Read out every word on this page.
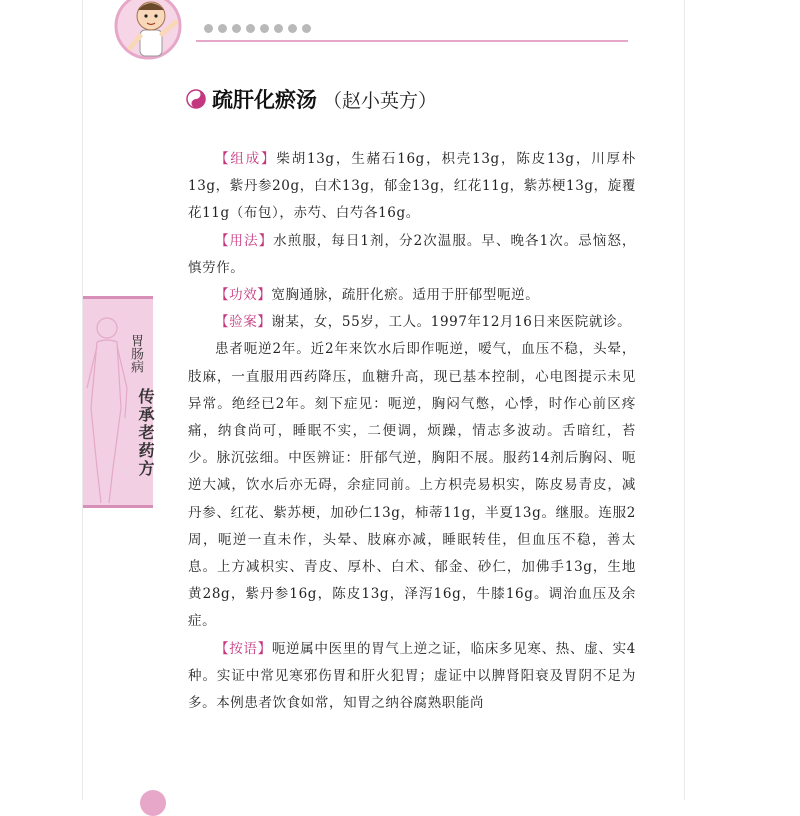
疏肝化瘀汤 （赵小英方）
胃肠病
传承老药方

【组成】柴胡13g，生赭石16g，枳壳13g，陈皮13g，川厚朴13g，紫丹参20g，白术13g，郁金13g，红花11g，紫苏梗13g，旋覆花11g（布包），赤芍、白芍各16g。

【用法】水煎服，每日1剂，分2次温服。早、晚各1次。忌恼怒，慎劳作。

【功效】宽胸通脉，疏肝化瘀。适用于肝郁型呃逆。

【验案】谢某，女，55岁，工人。1997年12月16日来医院就诊。

患者呃逆2年。近2年来饮水后即作呃逆，嗳气，血压不稳，头晕，肢麻，一直服用西药降压，血糖升高，现已基本控制，心电图提示未见异常。绝经已2年。刻下症见：呃逆，胸闷气憋，心悸，时作心前区疼痛，纳食尚可，睡眠不实，二便调，烦躁，情志多波动。舌暗红，苔少。脉沉弦细。中医辨证：肝郁气逆，胸阳不展。服药14剂后胸闷、呃逆大减，饮水后亦无碍，余症同前。上方枳壳易枳实，陈皮易青皮，减丹参、红花、紫苏梗，加砂仁13g，柿蒂11g，半夏13g。继服。连服2周，呃逆一直未作，头晕、肢麻亦减，睡眠转佳，但血压不稳，善太息。上方减枳实、青皮、厚朴、白术、郁金、砂仁，加佛手13g，生地黄28g，紫丹参16g，陈皮13g，泽泻16g，牛膝16g。调治血压及余症。

【按语】呃逆属中医里的胃气上逆之证，临床多见寒、热、虚、实4种。实证中常见寒邪伤胃和肝火犯胃；虚证中以脾肾阳衰及胃阴不足为多。本例患者饮食如常，知胃之纳谷腐熟职能尚
